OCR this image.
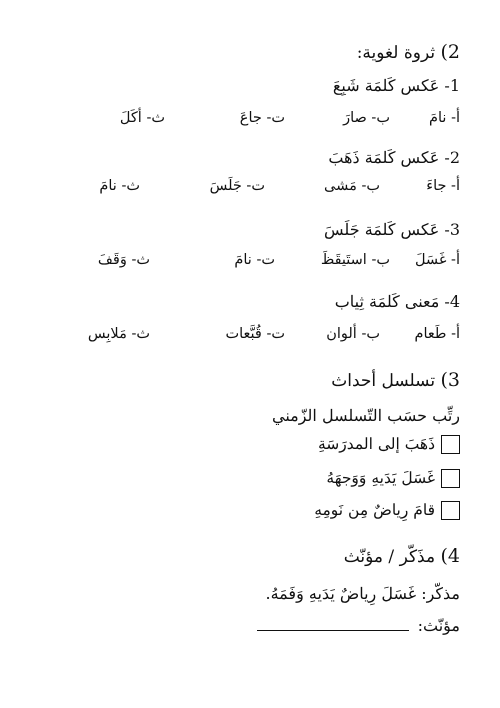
2) ثروة لغوية:
1- عَكس كَلمَة شَبِعَ
أ- نامَ
ب- صارَ
ت- جاعَ
ث- أكَلَ
2- عَكس كَلمَة ذَهَبَ
أ- جاءَ
ب- مَشى
ت- جَلَسَ
ث- نامَ
3- عَكس كَلمَة جَلَسَ
أ- غَسَلَ
ب- استَيقَظَ
ت- نامَ
ث- وَقَفَ
4- مَعنى كَلمَة ثِياب
أ- طَعام
ب- ألوان
ت- قُبَّعات
ث- مَلابِس
3) تسلسل أحداث
رتِّب حسَب التّسلسل الزّمني
ذَهَبَ إلى المدرَسَةِ
غَسَلَ يَدَيهِ وَوَجهَهُ
قامَ رِياضٌ مِن نَومِهِ
4) مذَكّر / مؤنّث
مذكّر: غَسَلَ رِياضٌ يَدَيهِ وَفَمَهُ.
مؤنّث:
